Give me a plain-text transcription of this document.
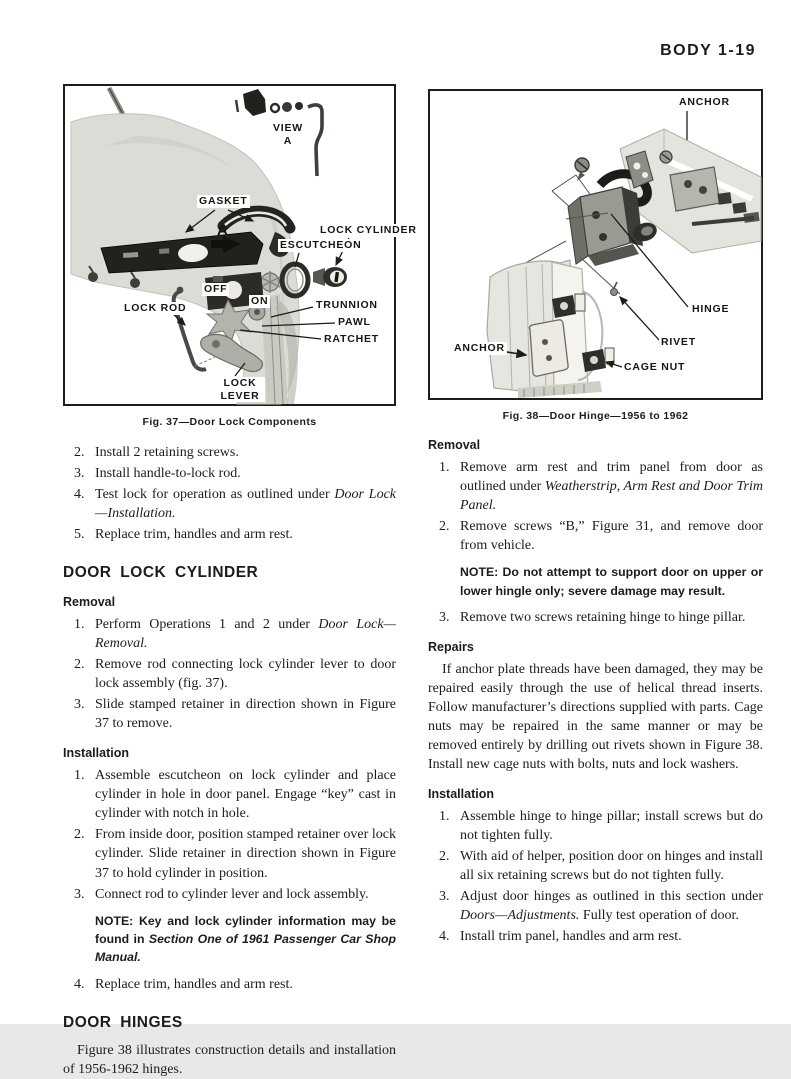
BODY 1-19
VIEW
A
GASKET
A	LOCK CYLINDER
ESCUTCHEON
OFF
ON
LOCK ROD	TRUNNION
PAWL
RATCHET
LOCK
LEVER
Fig. 37—Door Lock Components
2. Install 2 retaining screws.
3. Install handle-to-lock rod.
4. Test lock for operation as outlined under Door Lock —Installation.
5. Replace trim, handles and arm rest.
DOOR LOCK CYLINDER
Removal
1. Perform Operations 1 and 2 under Door Lock—Removal.
2. Remove rod connecting lock cylinder lever to door lock assembly (fig. 37).
3. Slide stamped retainer in direction shown in Figure 37 to remove.
Installation
1. Assemble escutcheon on lock cylinder and place cylinder in hole in door panel. Engage “key” cast in cylinder with notch in hole.
2. From inside door, position stamped retainer over lock cylinder. Slide retainer in direction shown in Figure 37 to hold cylinder in position.
3. Connect rod to cylinder lever and lock assembly.
NOTE: Key and lock cylinder information may be found in Section One of 1961 Passenger Car Shop Manual.
4. Replace trim, handles and arm rest.
DOOR HINGES

Figure 38 illustrates construction details and installation of 1956-1962 hinges.

ANCHOR
ANCHOR
HINGE
RIVET
CAGE NUT
Fig. 38—Door Hinge—1956 to 1962
Removal
1. Remove arm rest and trim panel from door as outlined under Weatherstrip, Arm Rest and Door Trim Panel.
2. Remove screws “B,” Figure 31, and remove door from vehicle.
NOTE: Do not attempt to support door on upper or lower hingle only; severe damage may result.
3. Remove two screws retaining hinge to hinge pillar.
Repairs

If anchor plate threads have been damaged, they may be repaired easily through the use of helical thread inserts. Follow manufacturer’s directions supplied with parts. Cage nuts may be repaired in the same manner or may be removed entirely by drilling out rivets shown in Figure 38. Install new cage nuts with bolts, nuts and lock washers.

Installation
1. Assemble hinge to hinge pillar; install screws but do not tighten fully.
2. With aid of helper, position door on hinges and install all six retaining screws but do not tighten fully.
3. Adjust door hinges as outlined in this section under Doors—Adjustments. Fully test operation of door.
4. Install trim panel, handles and arm rest.
